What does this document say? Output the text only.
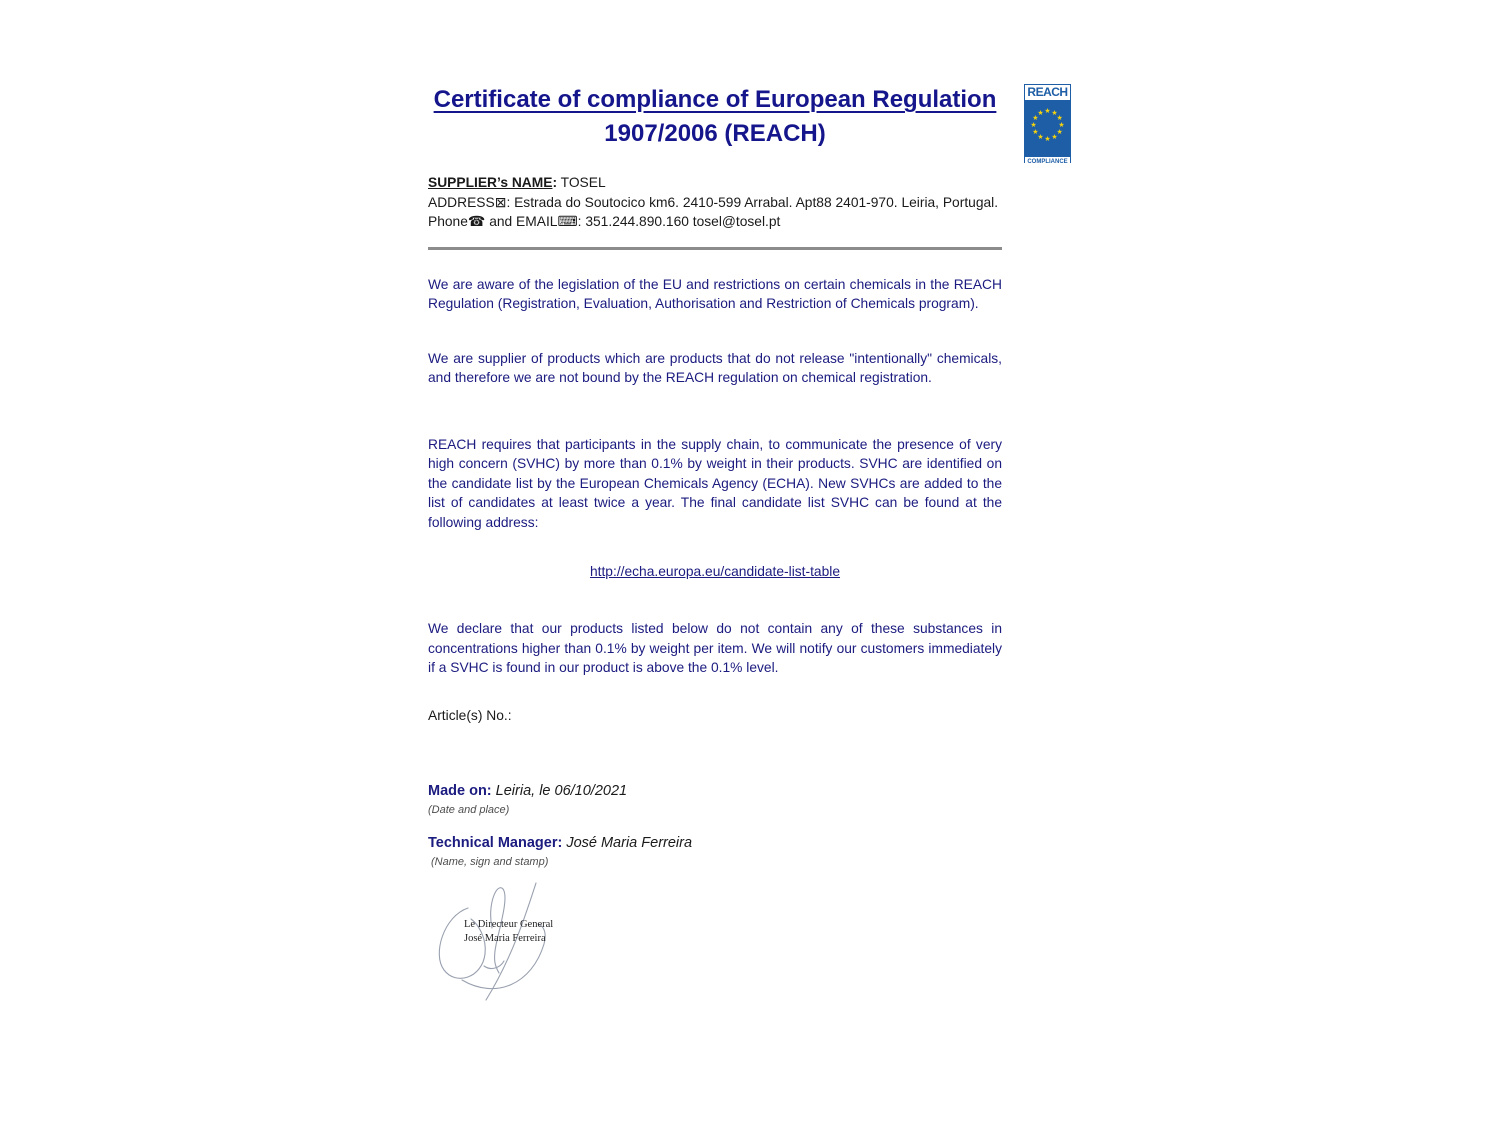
REACH
★ ★
★
★
★
★
★
★
★
★
★
★
COMPLIANCE
Certificate of compliance of European Regulation
1907/2006 (REACH)

SUPPLIER’s NAME: TOSEL

ADDRESS⊠: Estrada do Soutocico km6. 2410-599 Arrabal. Apt88 2401-970. Leiria, Portugal.

Phone☎ and EMAIL⌨: 351.244.890.160 tosel@tosel.pt

We are aware of the legislation of the EU and restrictions on certain chemicals in the REACH Regulation (Registration, Evaluation, Authorisation and Restriction of Chemicals program).

We are supplier of products which are products that do not release "intentionally" chemicals, and therefore we are not bound by the REACH regulation on chemical registration.

REACH requires that participants in the supply chain, to communicate the presence of very high concern (SVHC) by more than 0.1% by weight in their products. SVHC are identified on the candidate list by the European Chemicals Agency (ECHA). New SVHCs are added to the list of candidates at least twice a year. The final candidate list SVHC can be found at the following address:

http://echa.europa.eu/candidate-list-table

We declare that our products listed below do not contain any of these substances in concentrations higher than 0.1% by weight per item. We will notify our customers immediately if a SVHC is found in our product is above the 0.1% level.

Article(s) No.:

Made on: Leiria, le 06/10/2021
(Date and place)
Technical Manager: José Maria Ferreira
(Name, sign and stamp)
Le Directeur General
José Maria Ferreira
